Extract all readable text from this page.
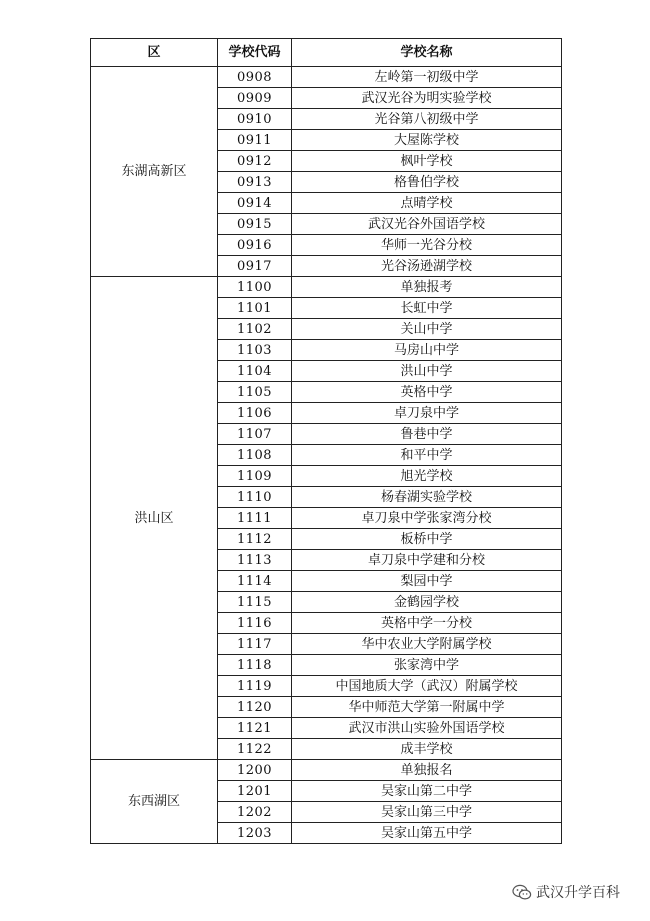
区	学校代码	学校名称
东湖高新区	0908	左岭第一初级中学
	0909	武汉光谷为明实验学校
	0910	光谷第八初级中学
	0911	大屋陈学校
	0912	枫叶学校
	0913	格鲁伯学校
	0914	点晴学校
	0915	武汉光谷外国语学校
	0916	华师一光谷分校
	0917	光谷汤逊湖学校
洪山区	1100	单独报考
	1101	长虹中学
	1102	关山中学
	1103	马房山中学
	1104	洪山中学
	1105	英格中学
	1106	卓刀泉中学
	1107	鲁巷中学
	1108	和平中学
	1109	旭光学校
	1110	杨春湖实验学校
	1111	卓刀泉中学张家湾分校
	1112	板桥中学
	1113	卓刀泉中学建和分校
	1114	梨园中学
	1115	金鹤园学校
	1116	英格中学一分校
	1117	华中农业大学附属学校
	1118	张家湾中学
	1119	中国地质大学（武汉）附属学校
	1120	华中师范大学第一附属中学
	1121	武汉市洪山实验外国语学校
	1122	成丰学校
东西湖区	1200	单独报名
	1201	吴家山第二中学
	1202	吴家山第三中学
	1203	吴家山第五中学
武汉升学百科
